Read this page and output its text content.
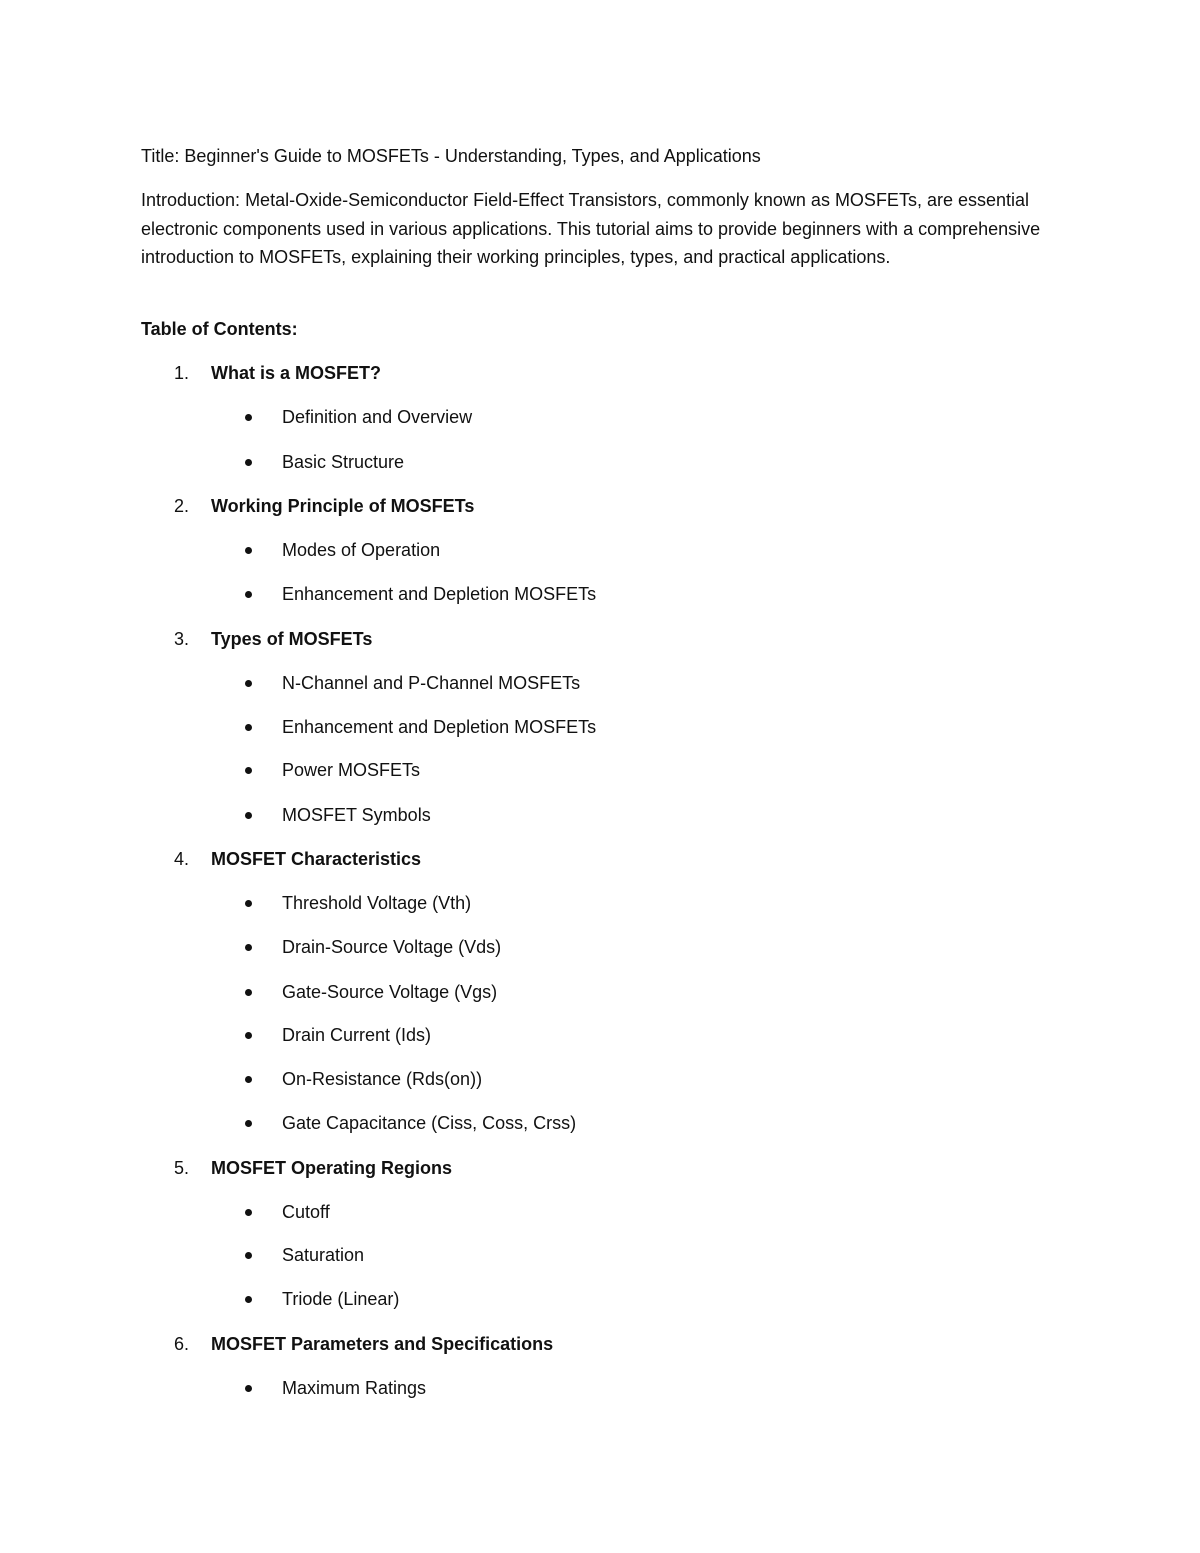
Title: Beginner's Guide to MOSFETs - Understanding, Types, and Applications

Introduction: Metal-Oxide-Semiconductor Field-Effect Transistors, commonly known as MOSFETs, are essential electronic components used in various applications. This tutorial aims to provide beginners with a comprehensive introduction to MOSFETs, explaining their working principles, types, and practical applications.

Table of Contents:

1. What is a MOSFET?
Definition and Overview
Basic Structure
2. Working Principle of MOSFETs
Modes of Operation
Enhancement and Depletion MOSFETs
3. Types of MOSFETs
N-Channel and P-Channel MOSFETs
Enhancement and Depletion MOSFETs
Power MOSFETs
MOSFET Symbols
4. MOSFET Characteristics
Threshold Voltage (Vth)
Drain-Source Voltage (Vds)
Gate-Source Voltage (Vgs)
Drain Current (Ids)
On-Resistance (Rds(on))
Gate Capacitance (Ciss, Coss, Crss)
5. MOSFET Operating Regions
Cutoff
Saturation
Triode (Linear)
6. MOSFET Parameters and Specifications
Maximum Ratings
